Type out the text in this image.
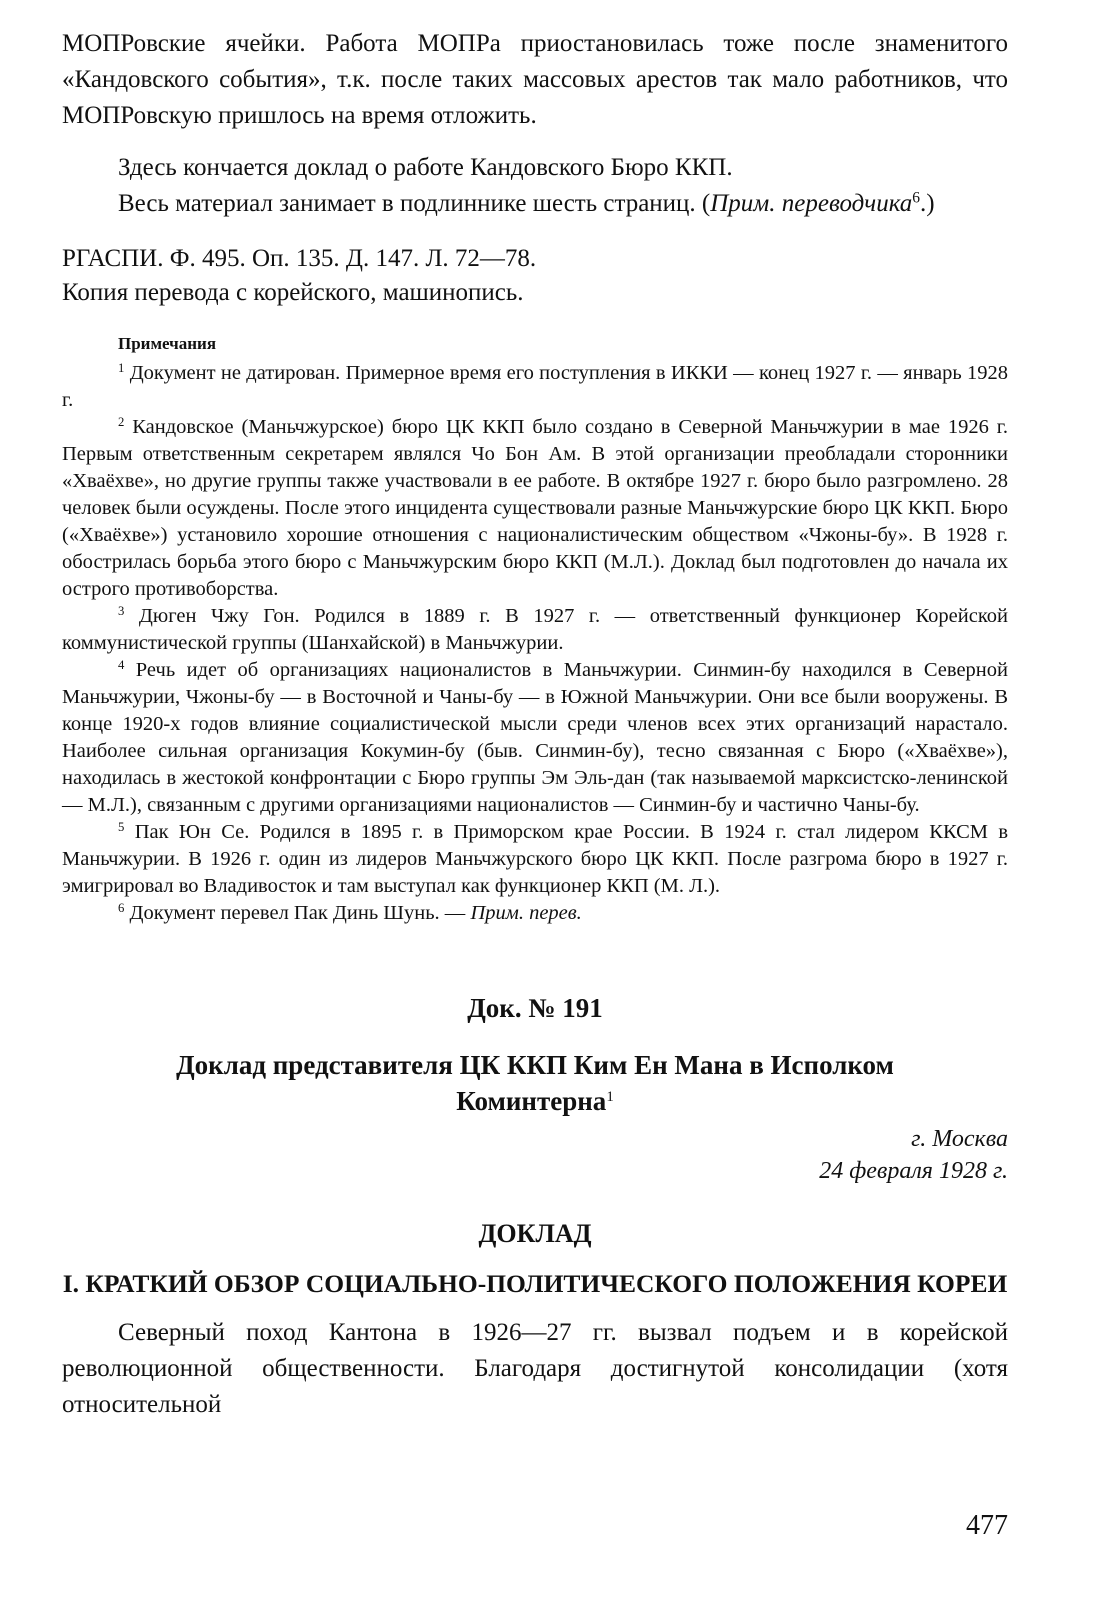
МОПРовские ячейки. Работа МОПРа приостановилась тоже после знаменитого «Кандовского события», т.к. после таких массовых арестов так мало работников, что МОПРовскую пришлось на время отложить.

Здесь кончается доклад о работе Кандовского Бюро ККП.

Весь материал занимает в подлиннике шесть страниц. (Прим. переводчика$^6$.)

РГАСПИ. Ф. 495. Оп. 135. Д. 147. Л. 72—78.

Копия перевода с корейского, машинопись.

Примечания

$^1$ Документ не датирован. Примерное время его поступления в ИККИ — конец 1927 г. — январь 1928 г.

$^2$ Кандовское (Маньчжурское) бюро ЦК ККП было создано в Северной Маньчжурии в мае 1926 г. Первым ответственным секретарем являлся Чо Бон Ам. В этой организации преобладали сторонники «Хваёхве», но другие группы также участвовали в ее работе. В октябре 1927 г. бюро было разгромлено. 28 человек были осуждены. После этого инцидента существовали разные Маньчжурские бюро ЦК ККП. Бюро («Хваёхве») установило хорошие отношения с националистическим обществом «Чжоны-бу». В 1928 г. обострилась борьба этого бюро с Маньчжурским бюро ККП (М.Л.). Доклад был подготовлен до начала их острого противоборства.

$^3$ Дюген Чжу Гон. Родился в 1889 г. В 1927 г. — ответственный функционер Корейской коммунистической группы (Шанхайской) в Маньчжурии.

$^4$ Речь идет об организациях националистов в Маньчжурии. Синмин-бу находился в Северной Маньчжурии, Чжоны-бу — в Восточной и Чаны-бу — в Южной Маньчжурии. Они все были вооружены. В конце 1920-х годов влияние социалистической мысли среди членов всех этих организаций нарастало. Наиболее сильная организация Кокумин-бу (быв. Синмин-бу), тесно связанная с Бюро («Хваёхве»), находилась в жестокой конфронтации с Бюро группы Эм Эль-дан (так называемой марксистско-ленинской — М.Л.), связанным с другими организациями националистов — Синмин-бу и частично Чаны-бу.

$^5$ Пак Юн Се. Родился в 1895 г. в Приморском крае России. В 1924 г. стал лидером ККСМ в Маньчжурии. В 1926 г. один из лидеров Маньчжурского бюро ЦК ККП. После разгрома бюро в 1927 г. эмигрировал во Владивосток и там выступал как функционер ККП (М. Л.).

$^6$ Документ перевел Пак Динь Шунь. — Прим. перев.

Док. № 191
Доклад представителя ЦК ККП Ким Ен Мана в Исполком Коминтерна$^1$
г. Москва
24 февраля 1928 г.
ДОКЛАД
I. КРАТКИЙ ОБЗОР СОЦИАЛЬНО-ПОЛИТИЧЕСКОГО ПОЛОЖЕНИЯ КОРЕИ

Северный поход Кантона в 1926—27 гг. вызвал подъем и в корейской революционной общественности. Благодаря достигнутой консолидации (хотя относительной

477
